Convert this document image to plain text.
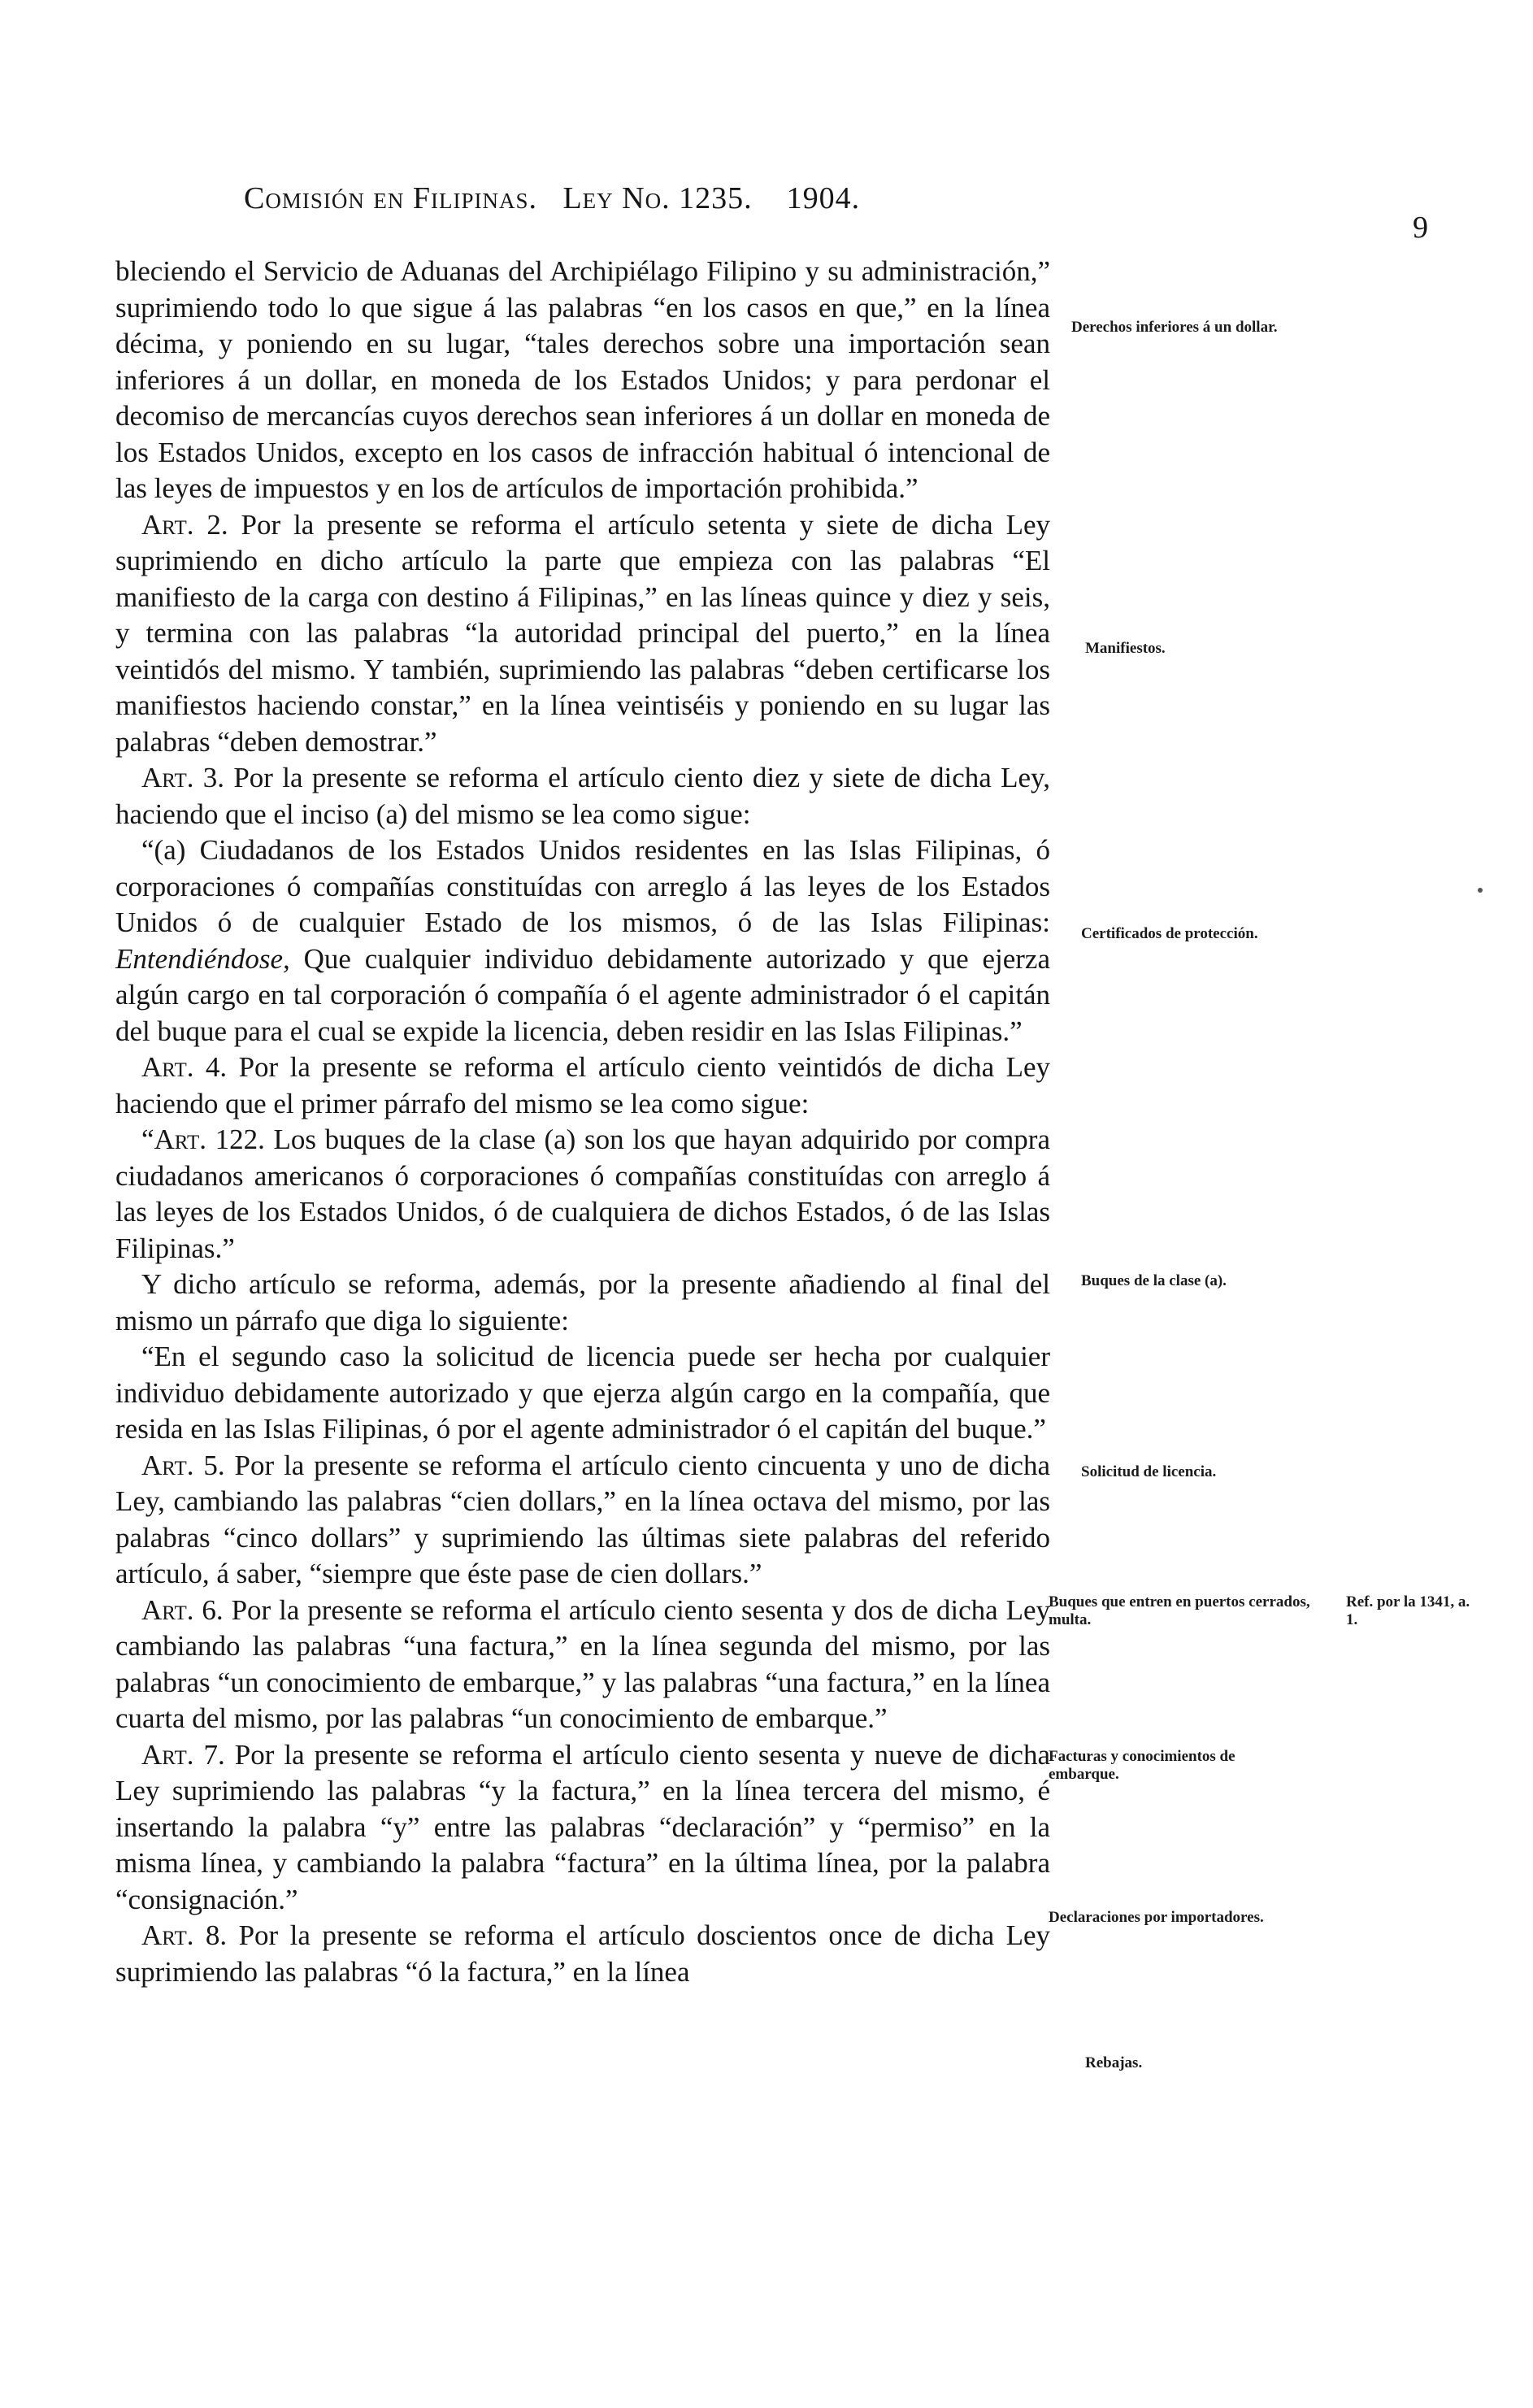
Comisión en Filipinas. Ley No. 1235. 1904.
9

bleciendo el Servicio de Aduanas del Archipiélago Filipino y su administración,” suprimiendo todo lo que sigue á las palabras “en los casos en que,” en la línea décima, y poniendo en su lugar, “tales derechos sobre una importación sean inferiores á un dollar, en moneda de los Estados Unidos; y para perdonar el decomiso de mercancías cuyos derechos sean inferiores á un dollar en moneda de los Estados Unidos, excepto en los casos de infracción habitual ó intencional de las leyes de impuestos y en los de artículos de importación prohibida.”

Art. 2. Por la presente se reforma el artículo setenta y siete de dicha Ley suprimiendo en dicho artículo la parte que empieza con las palabras “El manifiesto de la carga con destino á Filipinas,” en las líneas quince y diez y seis, y termina con las palabras “la autoridad principal del puerto,” en la línea veintidós del mismo. Y también, suprimiendo las palabras “deben certificarse los manifiestos haciendo constar,” en la línea veintiséis y poniendo en su lugar las palabras “deben demostrar.”

Art. 3. Por la presente se reforma el artículo ciento diez y siete de dicha Ley, haciendo que el inciso (a) del mismo se lea como sigue:

“(a) Ciudadanos de los Estados Unidos residentes en las Islas Filipinas, ó corporaciones ó compañías constituídas con arreglo á las leyes de los Estados Unidos ó de cualquier Estado de los mismos, ó de las Islas Filipinas: Entendiéndose, Que cualquier individuo debidamente autorizado y que ejerza algún cargo en tal corporación ó compañía ó el agente administrador ó el capitán del buque para el cual se expide la licencia, deben residir en las Islas Filipinas.”

Art. 4. Por la presente se reforma el artículo ciento veintidós de dicha Ley haciendo que el primer párrafo del mismo se lea como sigue:

“Art. 122. Los buques de la clase (a) son los que hayan adquirido por compra ciudadanos americanos ó corporaciones ó compañías constituídas con arreglo á las leyes de los Estados Unidos, ó de cualquiera de dichos Estados, ó de las Islas Filipinas.”

Y dicho artículo se reforma, además, por la presente añadiendo al final del mismo un párrafo que diga lo siguiente:

“En el segundo caso la solicitud de licencia puede ser hecha por cualquier individuo debidamente autorizado y que ejerza algún cargo en la compañía, que resida en las Islas Filipinas, ó por el agente administrador ó el capitán del buque.”

Art. 5. Por la presente se reforma el artículo ciento cincuenta y uno de dicha Ley, cambiando las palabras “cien dollars,” en la línea octava del mismo, por las palabras “cinco dollars” y suprimiendo las últimas siete palabras del referido artículo, á saber, “siempre que éste pase de cien dollars.”

Art. 6. Por la presente se reforma el artículo ciento sesenta y dos de dicha Ley cambiando las palabras “una factura,” en la línea segunda del mismo, por las palabras “un conocimiento de embarque,” y las palabras “una factura,” en la línea cuarta del mismo, por las palabras “un conocimiento de embarque.”

Art. 7. Por la presente se reforma el artículo ciento sesenta y nueve de dicha Ley suprimiendo las palabras “y la factura,” en la línea tercera del mismo, é insertando la palabra “y” entre las palabras “declaración” y “permiso” en la misma línea, y cambiando la palabra “factura” en la última línea, por la palabra “consignación.”

Art. 8. Por la presente se reforma el artículo doscientos once de dicha Ley suprimiendo las palabras “ó la factura,” en la línea

Derechos inferiores á un dollar.
Manifiestos.
Certificados de protección.
Buques de la clase (a).
Solicitud de licencia.
Buques que entren en puertos cerrados, multa.
Ref. por la 1341, a. 1.
Facturas y conocimientos de embarque.
Declaraciones por importadores.
Rebajas.
